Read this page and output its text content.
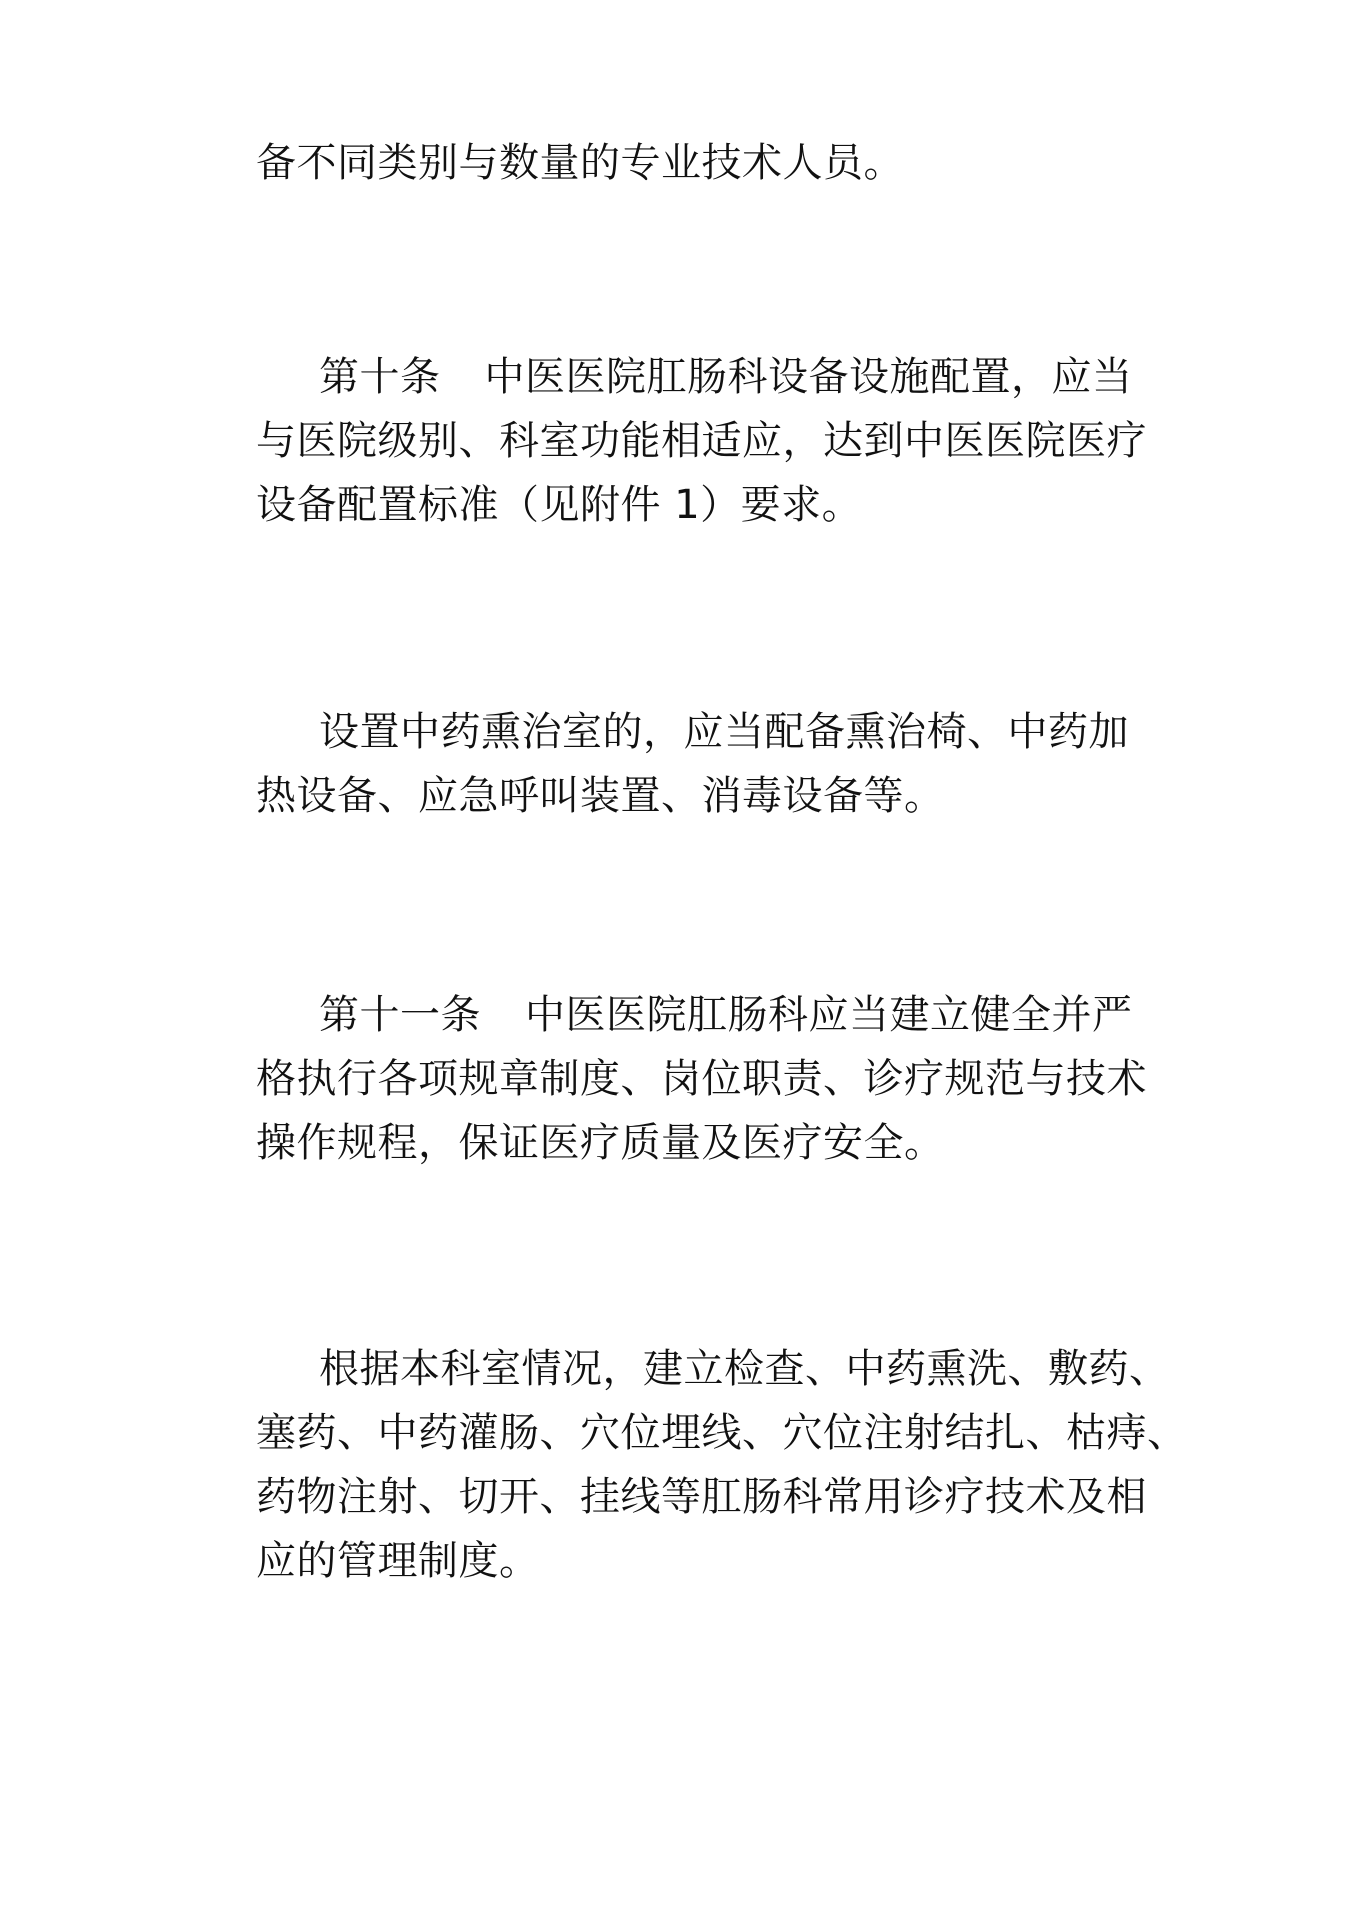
备不同类别与数量的专业技术人员。
第十条 中医医院肛肠科设备设施配置，应当
与医院级别、科室功能相适应，达到中医医院医疗
设备配置标准（见附件 1）要求。
设置中药熏治室的，应当配备熏治椅、中药加
热设备、应急呼叫装置、消毒设备等。
第十一条 中医医院肛肠科应当建立健全并严
格执行各项规章制度、岗位职责、诊疗规范与技术
操作规程，保证医疗质量及医疗安全。
根据本科室情况，建立检查、中药熏洗、敷药、
塞药、中药灌肠、穴位埋线、穴位注射结扎、枯痔、
药物注射、切开、挂线等肛肠科常用诊疗技术及相
应的管理制度。
